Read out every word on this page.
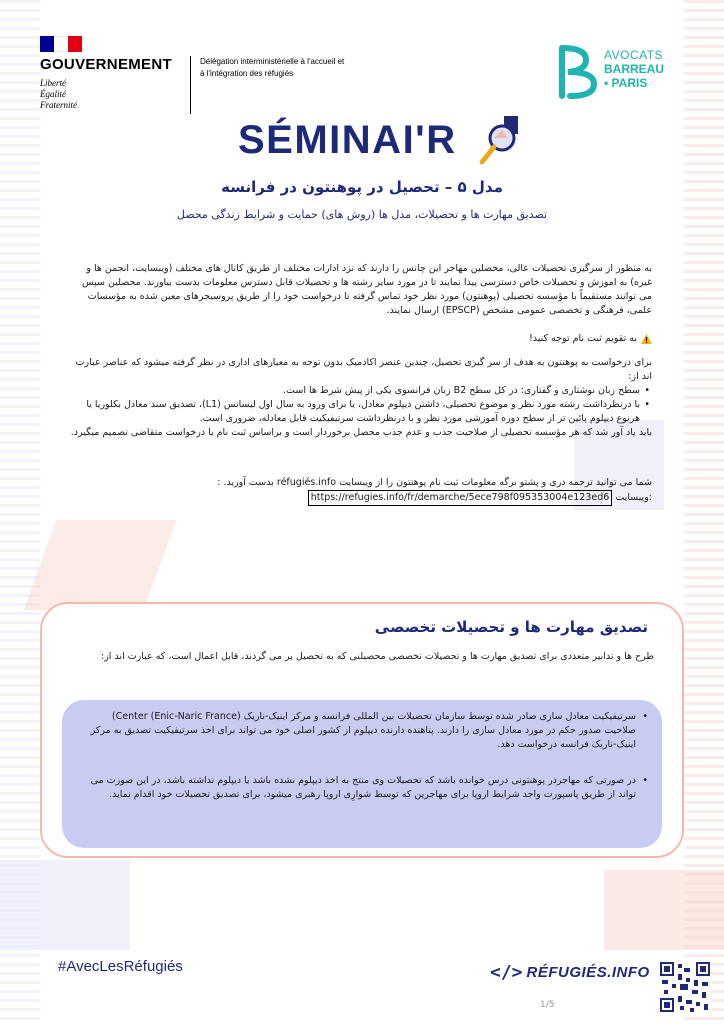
GOUVERNEMENT
Liberté
Égalité
Fraternité
Délégation interministérielle à l'accueil et à l'intégration des réfugiés
AVOCATS
BARREAU
• PARIS
SÉMINAI'R
مدل ۵ – تحصیل در پوهنتون در فرانسه
تصدیق مهارت ها و تحصیلات، مدل ها (روش های) حمایت و شرایط زندگی محصل
به منظور از سرگیری تحصیلات عالی، محصلین مهاجر این چانس را دارند که نزد ادارات مختلف از طریق کانال های مختلف (ویبسایت، انجمن ها و غیره) به اموزش و تحصیلات خاص دسترسی پیدا نمایند تا در مورد سایر رشته ها و تحصیلات قابل دسترس معلومات بدست بیاورند. محصلین سپس می توانند مستقیماً با مؤسسه تحصیلی (پوهنتون) مورد نظر خود تماس گرفته تا درخواست خود را از طریق پروسیجرهای معین شده به مؤسسات علمی، فرهنگی و تخصصی عمومی مشخص (EPSCP) ارسال نمایند.
به تقویم ثبت نام توجه کنید!
برای درخواست به پوهنتون به هدف از سر گیری تحصیل، چندین عنصر اکادمیک بدون توجه به معیارهای اداری در نظر گرفته میشود که عناصر عبارت اند از:
• سطح زبان نوشتاری و گفتاری: در کل سطح B2 زبان فرانسوی یکی از پیش شرط ها است.
• با درنظرداشت رشته مورد نظر و موضوع تحصیلی، داشتن دیپلوم معادل، یا برای ورود به سال اول لیسانس (L1)، تصدیق سند معادل بکلوریا یا هرنوع دیپلوم پائین تر از سطح دوره آموزشی مورد نظر و با درنظرداشت سرتیفیکیت قابل معادله، ضروری است.
باید یاد آور شد که هر مؤسسه تحصیلی از صلاحیت جذب و عدم جذب محصل برخوردار است و براساس ثبت نام یا درخواست متقاضی تصمیم میگیرد.
شما می توانید ترجمه دری و پشتو برگه معلومات ثبت نام پوهنتون را از ویبسایت réfugiés.info بدست آورید. :
https://refugies.info/fr/demarche/5ece798f095353004e123ed6 ویبسایت:
تصدیق مهارت ها و تحصیلات تخصصی
طرح ها و تدابیر متعددی برای تصدیق مهارت ها و تحصیلات تخصصی محصیلنی که به تحصیل بر می گردند، قابل اعمال است، که عبارت اند از:
• سرتیفیکیت معادل سازی صادر شده توسط سازمان تحصیلات بین المللی فرانسه و مرکز اینیک-ناریک (Enic-Naric France) Center) صلاحیت صدور حکم در مورد معادل سازی را دارند. پناهنده دارنده دیپلوم از کشور اصلی خود می تواند برای اخذ سرتیفیکیت تصدیق به مرکز اینیک-ناریک فرانسه درخواست دهد.
• در صورتی که مهاجردر پوهنتونی درس خوانده باشد که تحصیلات وی منتج به اخذ دیپلوم نشده باشد یا دیپلوم نداشته باشد، در این صورت می تواند از طریق پاسپورت واجد شرایط اروپا برای مهاجرین که توسط شوارِی اروپا رهبری میشود، برای تصدیق تحصیلات خود اقدام نماید.
#AvecLesRéfugiés	</> RÉFUGIÉS.INFO
1/5
